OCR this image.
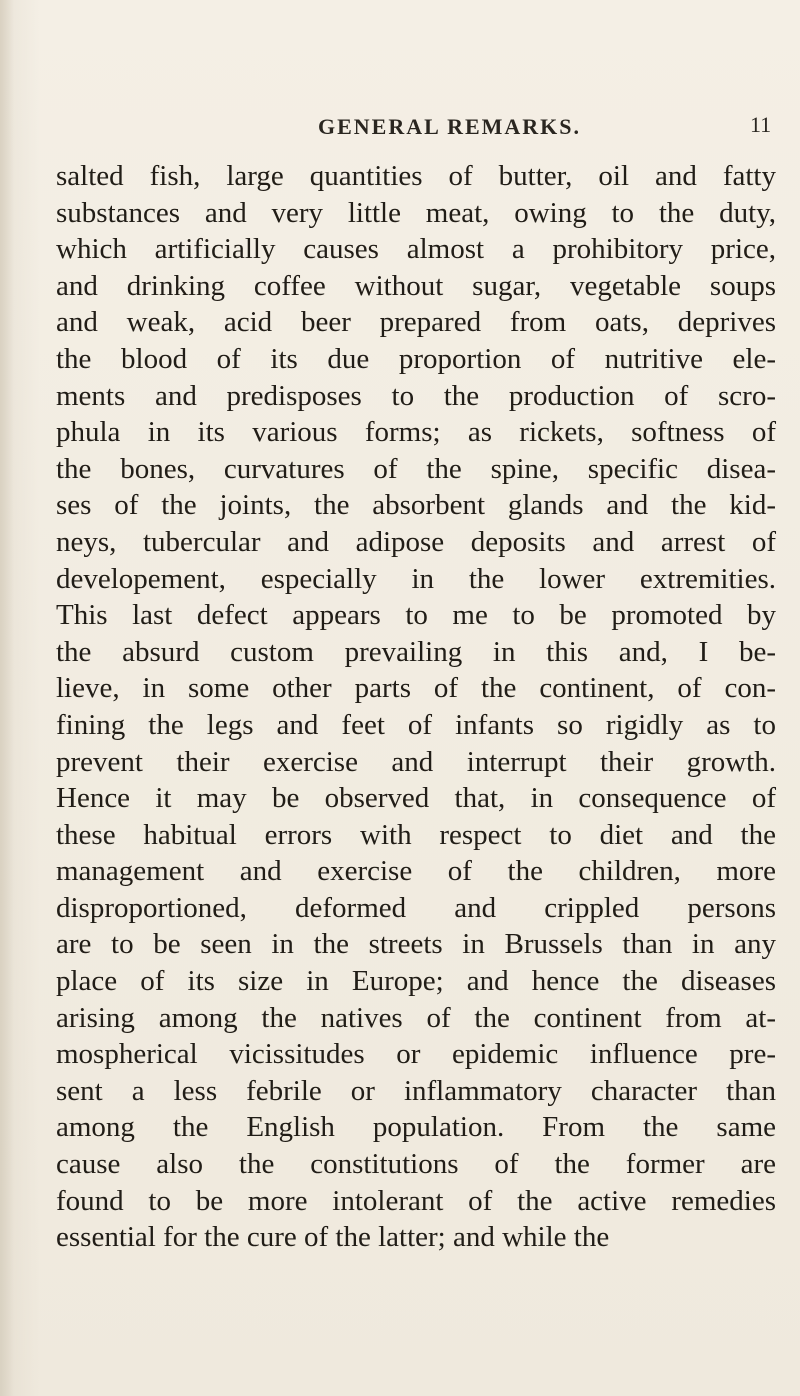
GENERAL REMARKS.	11
salted fish, large quantities of butter, oil and fatty
substances and very little meat, owing to the duty,
which artificially causes almost a prohibitory price,
and drinking coffee without sugar, vegetable soups
and weak, acid beer prepared from oats, deprives
the blood of its due proportion of nutritive ele-
ments and predisposes to the production of scro-
phula in its various forms; as rickets, softness of
the bones, curvatures of the spine, specific disea-
ses of the joints, the absorbent glands and the kid-
neys, tubercular and adipose deposits and arrest of
developement, especially in the lower extremities.
This last defect appears to me to be promoted by
the absurd custom prevailing in this and, I be-
lieve, in some other parts of the continent, of con-
fining the legs and feet of infants so rigidly as to
prevent their exercise and interrupt their growth.
Hence it may be observed that, in consequence of
these habitual errors with respect to diet and the
management and exercise of the children, more
disproportioned, deformed and crippled persons
are to be seen in the streets in Brussels than in any
place of its size in Europe; and hence the diseases
arising among the natives of the continent from at-
mospherical vicissitudes or epidemic influence pre-
sent a less febrile or inflammatory character than
among the English population. From the same
cause also the constitutions of the former are
found to be more intolerant of the active remedies
essential for the cure of the latter; and while the
